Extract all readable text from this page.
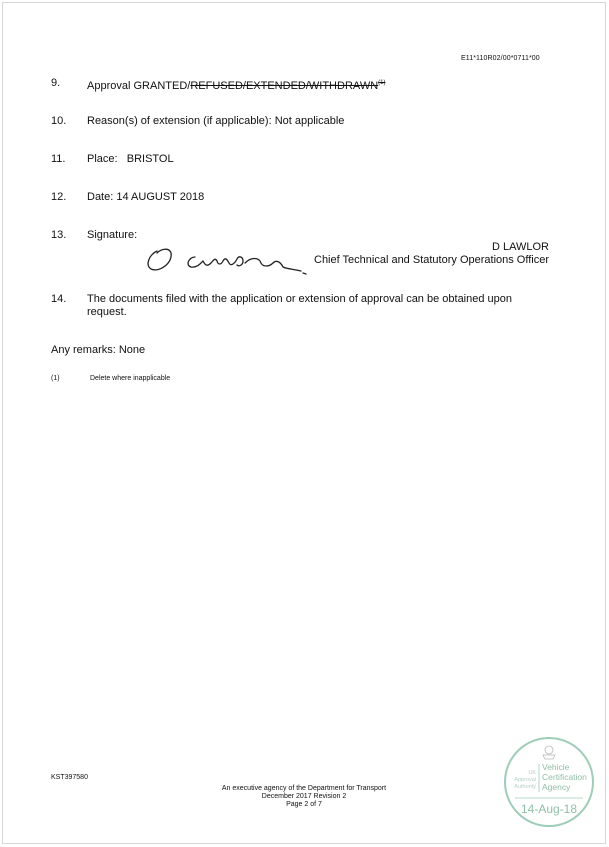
E11*110R02/00*0711*00
9. Approval GRANTED/REFUSED/EXTENDED/WITHDRAWN$^{(1)}$
10. Reason(s) of extension (if applicable): Not applicable
11. Place:   BRISTOL
12. Date: 14 AUGUST 2018
13. Signature:
D LAWLOR
Chief Technical and Statutory Operations Officer
14. The documents filed with the application or extension of approval can be obtained upon
request.
Any remarks: None
(1)	Delete where inapplicable
KST397580
An executive agency of the Department for Transport
December 2017 Revision 2
Page 2 of 7
UK
Approval
Authority
Vehicle
Certification
Agency
14-Aug-18
